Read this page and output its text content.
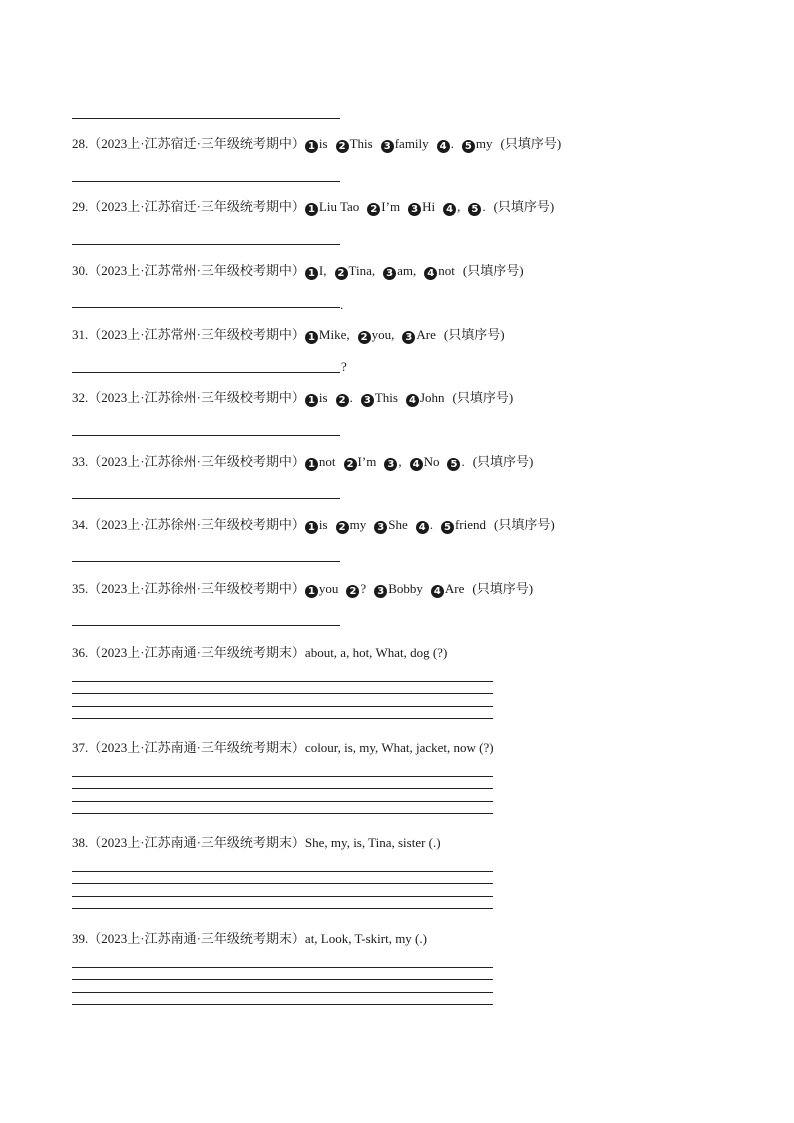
.
?
28.（2023上·江苏宿迁·三年级统考期中） 1 is 2 This 3 family 4 . 5 my (只填序号)
29.（2023上·江苏宿迁·三年级统考期中） 1 Liu Tao 2 I’m 3 Hi 4 , 5 . (只填序号)
30.（2023上·江苏常州·三年级校考期中） 1 I, 2 Tina, 3 am, 4 not (只填序号)
31.（2023上·江苏常州·三年级校考期中） 1 Mike, 2 you, 3 Are (只填序号)
32.（2023上·江苏徐州·三年级校考期中） 1 is 2 . 3 This 4 John (只填序号)
33.（2023上·江苏徐州·三年级校考期中） 1 not 2 I’m 3 , 4 No 5 . (只填序号)
34.（2023上·江苏徐州·三年级校考期中） 1 is 2 my 3 She 4 . 5 friend (只填序号)
35.（2023上·江苏徐州·三年级校考期中） 1 you 2 ? 3 Bobby 4 Are (只填序号)
36.（2023上·江苏南通·三年级统考期末）about, a, hot, What, dog (?)
37.（2023上·江苏南通·三年级统考期末）colour, is, my, What, jacket, now (?)
38.（2023上·江苏南通·三年级统考期末）She, my, is, Tina, sister (.)
39.（2023上·江苏南通·三年级统考期末）at, Look, T-skirt, my (.)
